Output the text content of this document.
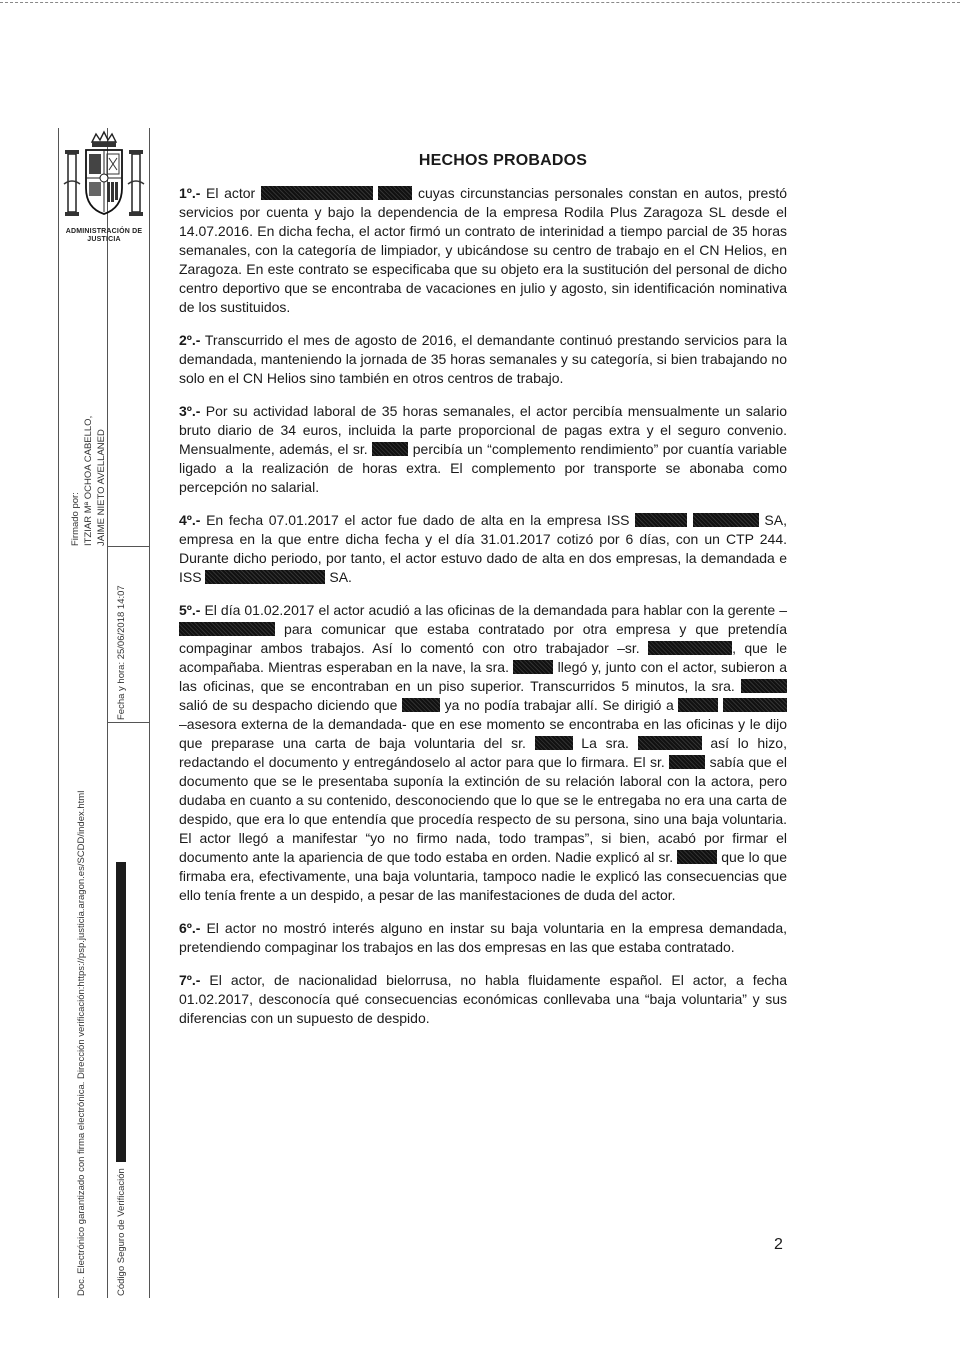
ADMINISTRACIÓN DE JUSTICIA
Firmado por: ITZIAR Mª OCHOA CABELLO, JAIME NIETO AVELLANED
Fecha y hora: 25/06/2018 14:07
Doc. Electrónico garantizado con firma electrónica. Dirección verificación:https://psp.justicia.aragon.es/SCDD/index.html	Código Seguro de Verificación
HECHOS PROBADOS

1º.- El actor	cuyas circunstancias personales constan en autos, prestó servicios por cuenta y bajo la dependencia de la empresa Rodila Plus Zaragoza SL desde el 14.07.2016. En dicha fecha, el actor firmó un contrato de interinidad a tiempo parcial de 35 horas semanales, con la categoría de limpiador, y ubicándose su centro de trabajo en el CN Helios, en Zaragoza. En este contrato se especificaba que su objeto era la sustitución del personal de dicho centro deportivo que se encontraba de vacaciones en julio y agosto, sin identificación nominativa de los sustituidos.

2º.- Transcurrido el mes de agosto de 2016, el demandante continuó prestando servicios para la demandada, manteniendo la jornada de 35 horas semanales y su categoría, si bien trabajando no solo en el CN Helios sino también en otros centros de trabajo.

3º.- Por su actividad laboral de 35 horas semanales, el actor percibía mensualmente un salario bruto diario de 34 euros, incluida la parte proporcional de pagas extra y el seguro convenio. Mensualmente, además, el sr.	percibía un “complemento rendimiento” por cuantía variable ligado a la realización de horas extra. El complemento por transporte se abonaba como percepción no salarial.

4º.- En fecha 07.01.2017 el actor fue dado de alta en la empresa ISS	SA, empresa en la que entre dicha fecha y el día 31.01.2017 cotizó por 6 días, con un CTP 244. Durante dicho periodo, por tanto, el actor estuvo dado de alta en dos empresas, la demandada e ISS	SA.

5º.- El día 01.02.2017 el actor acudió a las oficinas de la demandada para hablar con la gerente – para comunicar que estaba contratado por otra empresa y que pretendía compaginar ambos trabajos. Así lo comentó con otro trabajador –sr.	, que le acompañaba. Mientras esperaban en la nave, la sra.	llegó y, junto con el actor, subieron a las oficinas, que se encontraban en un piso superior. Transcurridos 5 minutos, la sra.  salió de su despacho diciendo que	ya no podía trabajar allí. Se dirigió a   –asesora externa de la demandada- que en ese momento se encontraba en las oficinas y le dijo que preparase una carta de baja voluntaria del sr.	La sra.	así lo hizo, redactando el documento y entregándoselo al actor para que lo firmara. El sr.	sabía que el documento que se le presentaba suponía la extinción de su relación laboral con la actora, pero dudaba en cuanto a su contenido, desconociendo que lo que se le entregaba no era una carta de despido, que era lo que entendía que procedía respecto de su persona, sino una baja voluntaria. El actor llegó a manifestar “yo no firmo nada, todo trampas”, si bien, acabó por firmar el documento ante la apariencia de que todo estaba en orden. Nadie explicó al sr.	que lo que firmaba era, efectivamente, una baja voluntaria, tampoco nadie le explicó las consecuencias que ello tenía frente a un despido, a pesar de las manifestaciones de duda del actor.

6º.- El actor no mostró interés alguno en instar su baja voluntaria en la empresa demandada, pretendiendo compaginar los trabajos en las dos empresas en las que estaba contratado.

7º.- El actor, de nacionalidad bielorrusa, no habla fluidamente español. El actor, a fecha 01.02.2017, desconocía qué consecuencias económicas conllevaba una “baja voluntaria” y sus diferencias con un supuesto de despido.

2
